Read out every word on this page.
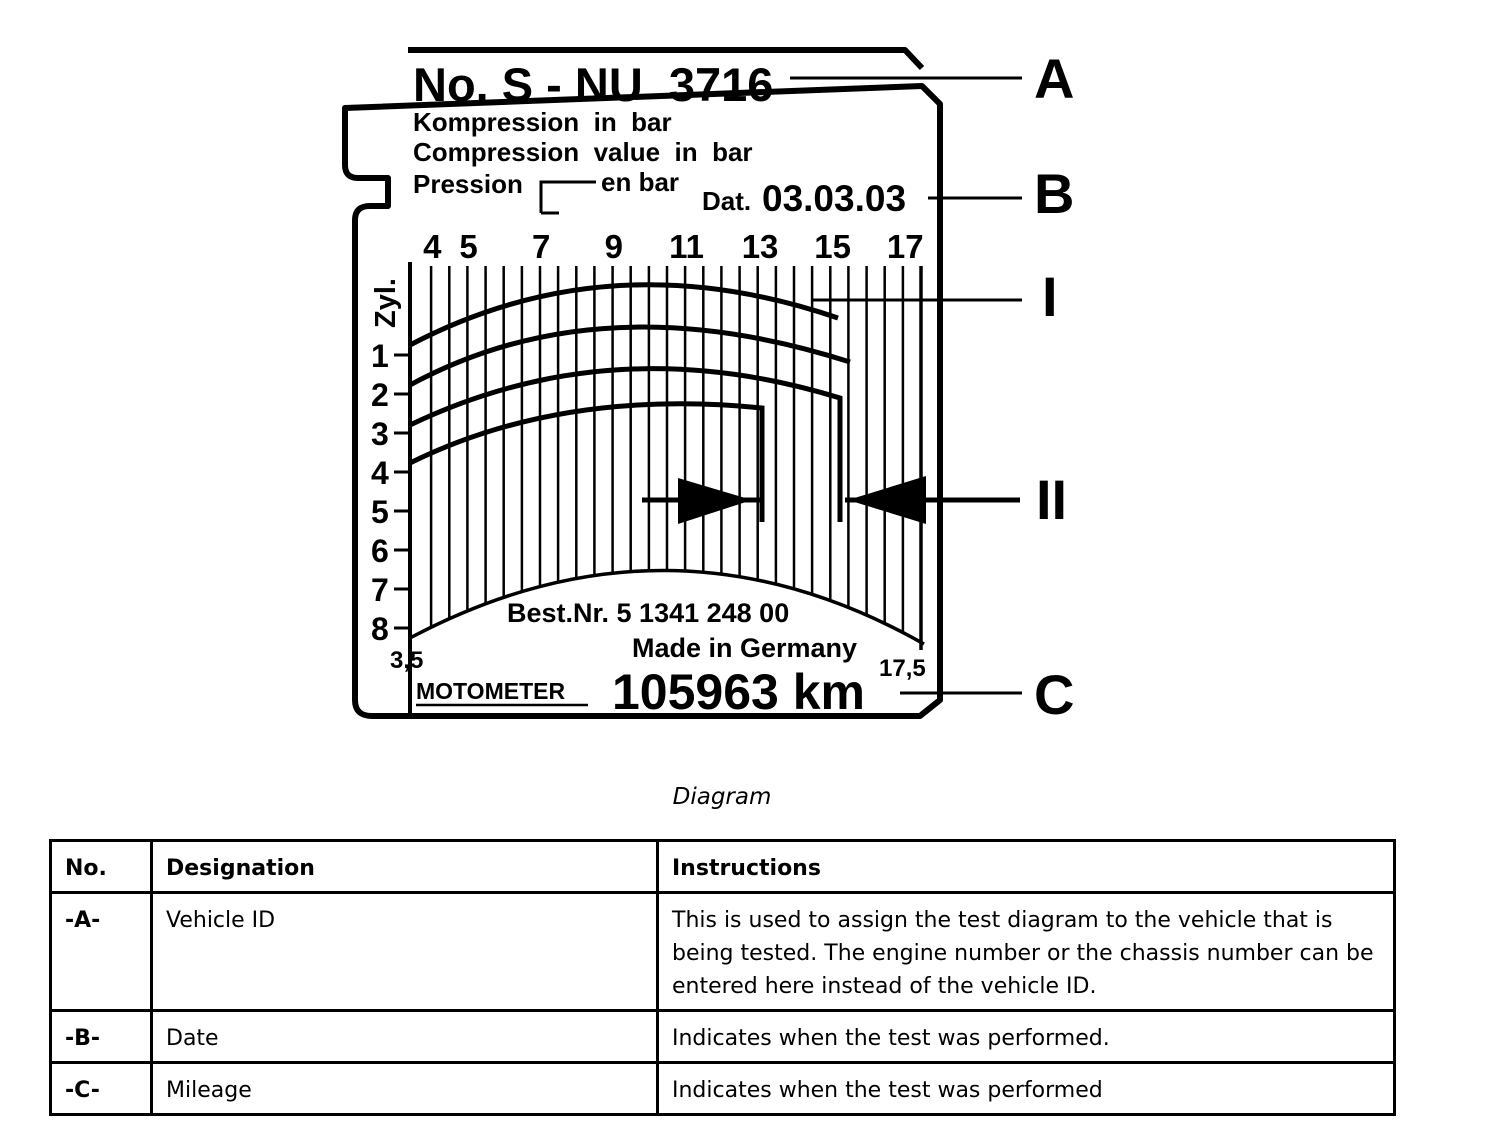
No. S - NU  3716
Kompression  in  bar
Compression  value  in  bar
Pression	en bar
Dat. 03.03.03
4 5 7 9 11 13 15 17
Zyl.
1
2
3
4
5
6
7
8	Best.Nr. 5 1341 248 00
Made in Germany
3,5	17,5
MOTOMETER 105963 km
A
B
I
II
C
Diagram
No.	Designation	Instructions
-A-	Vehicle ID	This is used to assign the test diagram to the vehicle that is being tested. The engine number or the chassis number can be entered here instead of the vehicle ID.
-B-	Date	Indicates when the test was performed.
-C-	Mileage	Indicates when the test was performed
